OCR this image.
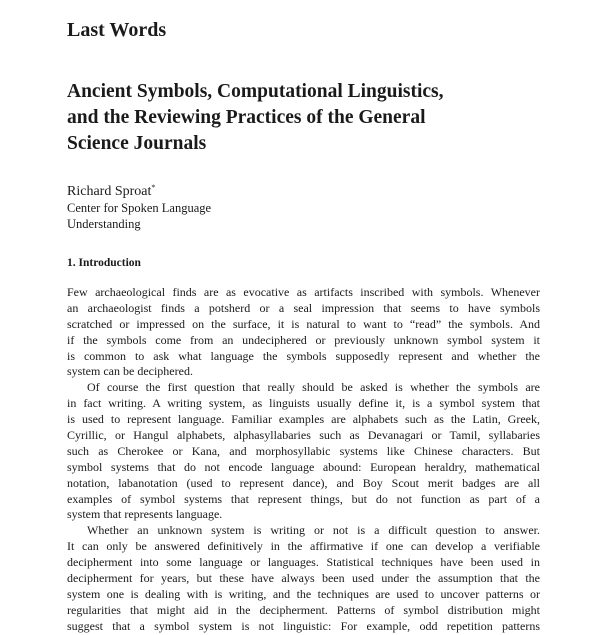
Last Words
Ancient Symbols, Computational Linguistics,
and the Reviewing Practices of the General
Science Journals
Richard Sproat*
Center for Spoken Language
Understanding
1. Introduction
Few archaeological finds are as evocative as artifacts inscribed with symbols. Whenever
an archaeologist finds a potsherd or a seal impression that seems to have symbols
scratched or impressed on the surface, it is natural to want to “read” the symbols. And
if the symbols come from an undeciphered or previously unknown symbol system it
is common to ask what language the symbols supposedly represent and whether the
system can be deciphered.
Of course the first question that really should be asked is whether the symbols are
in fact writing. A writing system, as linguists usually define it, is a symbol system that
is used to represent language. Familiar examples are alphabets such as the Latin, Greek,
Cyrillic, or Hangul alphabets, alphasyllabaries such as Devanagari or Tamil, syllabaries
such as Cherokee or Kana, and morphosyllabic systems like Chinese characters. But
symbol systems that do not encode language abound: European heraldry, mathematical
notation, labanotation (used to represent dance), and Boy Scout merit badges are all
examples of symbol systems that represent things, but do not function as part of a
system that represents language.
Whether an unknown system is writing or not is a difficult question to answer.
It can only be answered definitively in the affirmative if one can develop a verifiable
decipherment into some language or languages. Statistical techniques have been used in
decipherment for years, but these have always been used under the assumption that the
system one is dealing with is writing, and the techniques are used to uncover patterns or
regularities that might aid in the decipherment. Patterns of symbol distribution might
suggest that a symbol system is not linguistic: For example, odd repetition patterns
